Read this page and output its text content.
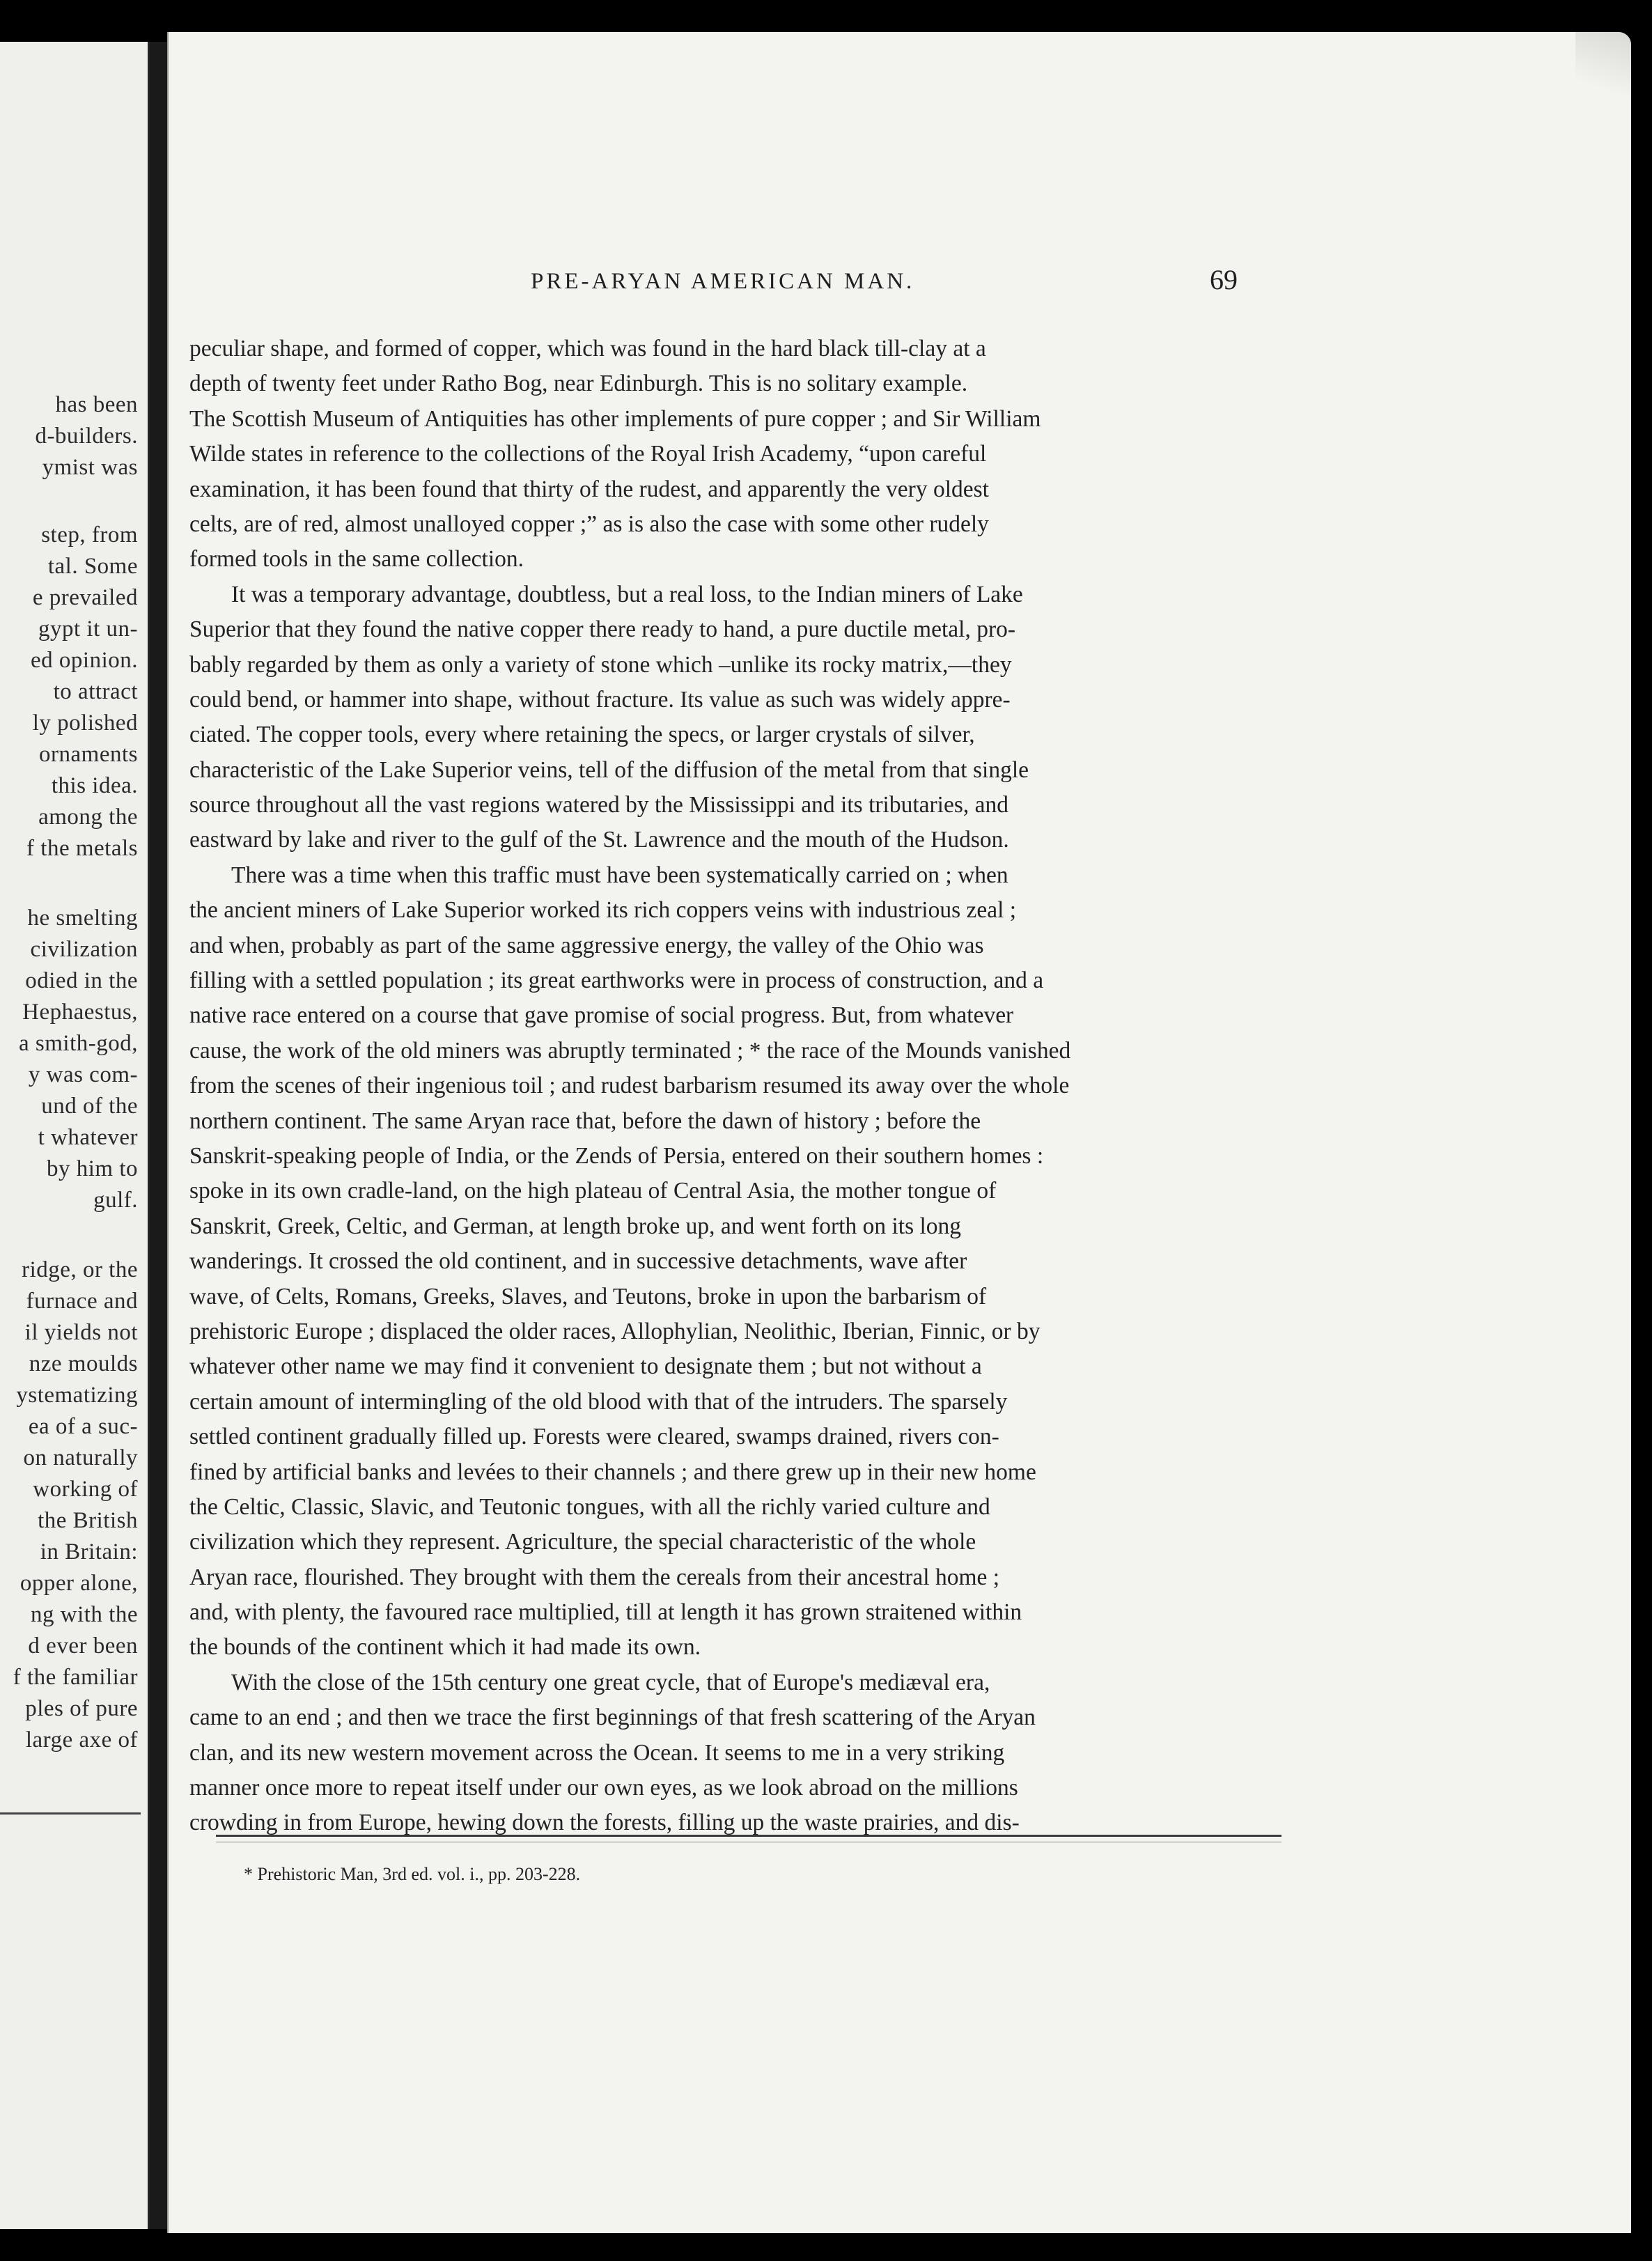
has been
d-builders.
ymist was
step, from
tal. Some
e prevailed
gypt it un-
ed opinion.
to attract
ly polished
ornaments
this idea.
among the
f the metals
he smelting
civilization
odied in the
Hephaestus,
a smith-god,
y was com-
und of the
t whatever
by him to
gulf.
ridge, or the
furnace and
il yields not
nze moulds
ystematizing
ea of a suc-
on naturally
working of
the British
in Britain:
opper alone,
ng with the
d ever been
f the familiar
ples of pure
large axe of
PRE-ARYAN AMERICAN MAN.	69
peculiar shape, and formed of copper, which was found in the hard black till-clay at a
depth of twenty feet under Ratho Bog, near Edinburgh. This is no solitary example.
The Scottish Museum of Antiquities has other implements of pure copper ; and Sir William
Wilde states in reference to the collections of the Royal Irish Academy, “upon careful
examination, it has been found that thirty of the rudest, and apparently the very oldest
celts, are of red, almost unalloyed copper ;” as is also the case with some other rudely
formed tools in the same collection.
It was a temporary advantage, doubtless, but a real loss, to the Indian miners of Lake
Superior that they found the native copper there ready to hand, a pure ductile metal, pro-
bably regarded by them as only a variety of stone which –unlike its rocky matrix,—they
could bend, or hammer into shape, without fracture. Its value as such was widely appre-
ciated. The copper tools, every where retaining the specs, or larger crystals of silver,
characteristic of the Lake Superior veins, tell of the diffusion of the metal from that single
source throughout all the vast regions watered by the Mississippi and its tributaries, and
eastward by lake and river to the gulf of the St. Lawrence and the mouth of the Hudson.
There was a time when this traffic must have been systematically carried on ; when
the ancient miners of Lake Superior worked its rich coppers veins with industrious zeal ;
and when, probably as part of the same aggressive energy, the valley of the Ohio was
filling with a settled population ; its great earthworks were in process of construction, and a
native race entered on a course that gave promise of social progress. But, from whatever
cause, the work of the old miners was abruptly terminated ; * the race of the Mounds vanished
from the scenes of their ingenious toil ; and rudest barbarism resumed its away over the whole
northern continent. The same Aryan race that, before the dawn of history ; before the
Sanskrit-speaking people of India, or the Zends of Persia, entered on their southern homes :
spoke in its own cradle-land, on the high plateau of Central Asia, the mother tongue of
Sanskrit, Greek, Celtic, and German, at length broke up, and went forth on its long
wanderings. It crossed the old continent, and in successive detachments, wave after
wave, of Celts, Romans, Greeks, Slaves, and Teutons, broke in upon the barbarism of
prehistoric Europe ; displaced the older races, Allophylian, Neolithic, Iberian, Finnic, or by
whatever other name we may find it convenient to designate them ; but not without a
certain amount of intermingling of the old blood with that of the intruders. The sparsely
settled continent gradually filled up. Forests were cleared, swamps drained, rivers con-
fined by artificial banks and levées to their channels ; and there grew up in their new home
the Celtic, Classic, Slavic, and Teutonic tongues, with all the richly varied culture and
civilization which they represent. Agriculture, the special characteristic of the whole
Aryan race, flourished. They brought with them the cereals from their ancestral home ;
and, with plenty, the favoured race multiplied, till at length it has grown straitened within
the bounds of the continent which it had made its own.
With the close of the 15th century one great cycle, that of Europe's mediæval era,
came to an end ; and then we trace the first beginnings of that fresh scattering of the Aryan
clan, and its new western movement across the Ocean. It seems to me in a very striking
manner once more to repeat itself under our own eyes, as we look abroad on the millions
crowding in from Europe, hewing down the forests, filling up the waste prairies, and dis-
* Prehistoric Man, 3rd ed. vol. i., pp. 203-228.
